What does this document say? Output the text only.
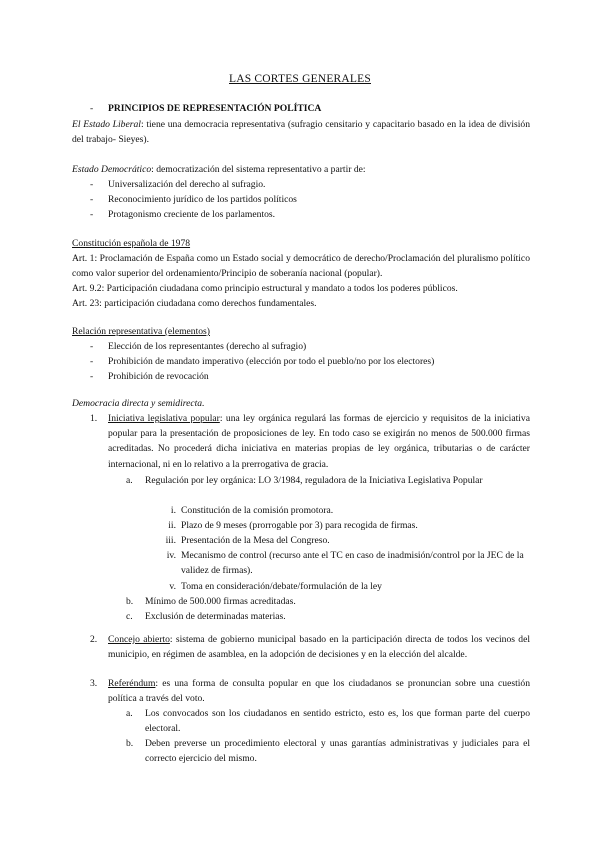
LAS CORTES GENERALES
- PRINCIPIOS DE REPRESENTACIÓN POLÍTICA
El Estado Liberal: tiene una democracia representativa (sufragio censitario y capacitario basado en la idea de división del trabajo- Sieyes).
Estado Democrático: democratización del sistema representativo a partir de:
- Universalización del derecho al sufragio.
- Reconocimiento jurídico de los partidos políticos
- Protagonismo creciente de los parlamentos.
Constitución española de 1978
Art. 1: Proclamación de España como un Estado social y democrático de derecho/Proclamación del pluralismo político como valor superior del ordenamiento/Principio de soberanía nacional (popular).
Art. 9.2: Participación ciudadana como principio estructural y mandato a todos los poderes públicos.
Art. 23: participación ciudadana como derechos fundamentales.
Relación representativa (elementos)
- Elección de los representantes (derecho al sufragio)
- Prohibición de mandato imperativo (elección por todo el pueblo/no por los electores)
- Prohibición de revocación
Democracia directa y semidirecta.
1. Iniciativa legislativa popular: una ley orgánica regulará las formas de ejercicio y requisitos de la iniciativa popular para la presentación de proposiciones de ley. En todo caso se exigirán no menos de 500.000 firmas acreditadas. No procederá dicha iniciativa en materias propias de ley orgánica, tributarias o de carácter internacional, ni en lo relativo a la prerrogativa de gracia.
a. Regulación por ley orgánica: LO 3/1984, reguladora de la Iniciativa Legislativa Popular
i. Constitución de la comisión promotora.
ii. Plazo de 9 meses (prorrogable por 3) para recogida de firmas.
iii. Presentación de la Mesa del Congreso.
iv. Mecanismo de control (recurso ante el TC en caso de inadmisión/control por la JEC de la validez de firmas).
v. Toma en consideración/debate/formulación de la ley
b. Mínimo de 500.000 firmas acreditadas.
c. Exclusión de determinadas materias.
2. Concejo abierto: sistema de gobierno municipal basado en la participación directa de todos los vecinos del municipio, en régimen de asamblea, en la adopción de decisiones y en la elección del alcalde.
3. Referéndum: es una forma de consulta popular en que los ciudadanos se pronuncian sobre una cuestión política a través del voto.
a. Los convocados son los ciudadanos en sentido estricto, esto es, los que forman parte del cuerpo electoral.
b. Deben preverse un procedimiento electoral y unas garantías administrativas y judiciales para el correcto ejercicio del mismo.
